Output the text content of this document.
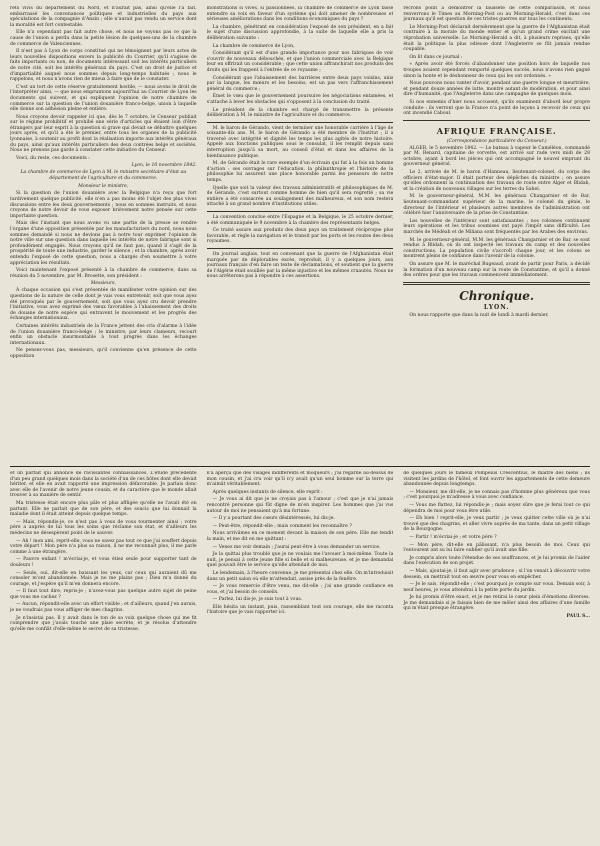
rêts vivis du département du Nord, et n'aurait pas, ainsi qu'elle l'a fait, embarrassé les convenances politiques et industrielles du pays aux spéculations de la compagnie d'Anzin ; elle n'aurait pas rendu un service dont la moralité est fort contestable.

Elle n'a cependant pas fait autre chose, et nous ne voyons pas ce que la cause de l'union a perdu dans la petite lésion de quelques-uns de la chambre de commerce de Valenciennes.

Il n'est pas à Lyon de corps constitué qui ne témoignent par leurs actes de leurs nouvelles dispositions envers la publicité du Courrier, qu'il s'agisse de faits importants ou non, de documents intéressant soit les intérêts particuliers de notre cité, soit les intérêts généraux du pays. C'est un droit de justice et d'impartialité auquel nous sommes depuis long-temps habitués ; nous le rappelons, et nous n'avons rien de mieux à faire que de le constater.

C'est un tort de cette réserve gratuitement hostile, — nous avons le droit de l'interpréter ainsi, — que nous empruntons aujourd'hui au Courrier de Lyon les documents qui suivent, et qui expliquent l'opinion de notre chambre de commerce sur la question de l'union douanière franco-belge, union à laquelle elle donne son adhésion pleine et entière.

Nous croyons devoir rappeler ici que, dès le 7 octobre, le Censeur publiait sur le régime prohibitif et prohibé une série d'articles qui étaient loin d'être étrangers par leur esprit à la question si grave qui devait se débattre quelques jours après, et qu'il a été le premier, entre tous les organes de la publicité lyonnaise, à soutenir au profit dont la réalisation importe aux intérêts généraux du pays, ainsi qu'aux intérêts particuliers des deux contrées belge et sociétés. Nous ne prenons pas garde à constater cette initiative du Censeur.

Voici, du reste, ces documents :

Lyon, le 10 novembre 1842.
La chambre de commerce de Lyon à M. le ministre secrétaire d'état au département de l'agriculture et du commerce.
Monsieur le ministre,

Si la question de l'union douanière avec la Belgique n'a reçu que fort tardivement quelque publicité, elle n'en a pas moins été l'objet des plus vives discussions entre les deux gouvernements ; nous en sommes instruits, et nous croyons de notre devoir de vous exposer brièvement notre pensée sur cette importante question.

Mais dès l'instant que nous avons vu une partie de la presse se rendre l'organe d'une opposition présentée par les manufacturiers du nord, nous nous sommes demandé si nous ne devions pas à notre tour exprimer l'opinion de notre ville sur une question dans laquelle les intérêts de notre fabrique sont si profondément engagés. Nous croyons qu'il ne faut pas, quand il s'agit de la prospérité de toute une industrie, garder le silence ; et la chambre, après avoir entendu l'exposé de cette question, nous a chargés d'en soumettre à votre appréciation les résultats.

Voici maintenant l'exposé présenté à la chambre de commerce, dans sa réunion du 5 novembre, par M. Brosette, son président :

Messieurs,

À chaque occasion qui s'est présentée de manifester votre opinion sur des questions de la nature de celle dont je vais vous entretenir, soit que vous ayez été provoqués par le gouvernement, soit que vous ayez cru devoir prendre l'initiative, vous avez exprimé des vœux favorables à l'abaissement des droits de douane de notre espèce qui entravent le mouvement et les progrès des échanges internationaux.

Certaines intérêts industriels de la France jettent des cris d'alarme à l'idée de l'union douanière franco-belge ; le ministre, par leurs clameurs, recourt enfin un obstacle insurmontable à tout progrès dans les échanges internationaux.

Ne pensez-vous pas, messieurs, qu'il convienne qu'en présence de cette opposition

monstrations si vives, si passionnées, la chambre de commerce de Lyon fasse entendre sa voix en faveur d'un système qui doit amener de nombreuses et sérieuses améliorations dans les conditions économiques du pays ?

La chambre, pénétrant en considération l'exposé de son président, en a fait le sujet d'une discussion approfondie, à la suite de laquelle elle a pris la délibération suivante :

La chambre de commerce de Lyon,

Considérant qu'il est d'une grande importance pour nos fabriques de voir s'ouvrir de nouveaux débouchés, et que l'union commerciale avec la Belgique leur en offrirait un considérable ; que cette union affranchirait nos produits des droits qui les frappent à l'entrée de ce royaume ;

Considérant que l'abaissement des barrières entre deux pays voisins, unis par la langue, les mœurs et les besoins, est un pas vers l'affranchissement général du commerce ;

Émet le vœu que le gouvernement poursuive les négociations entamées, et s'attache à lever les obstacles qui s'opposent à la conclusion du traité.

Le président de la chambre est chargé de transmettre la présente délibération à M. le ministre de l'agriculture et du commerce.

M. le baron de Gérando, vient de terminer une honorable carrière à l'âge de soixante-dix ans. M. le baron de Gérando a été membre de l'Institut ; il a traversé avec intégrité et dignité les temps les plus agités de notre histoire. Appelé aux fonctions publiques sous le consulat, il les remplit depuis sans interruption jusqu'à sa mort, au conseil d'état et dans les affaires de la bienfaisance publique.

M. de Gérando était le rare exemple d'un écrivain qui fut à la fois un homme d'action : ses ouvrages sur l'éducation, la philanthropie et l'histoire de la philosophie lui assurent une place honorable parmi les penseurs de notre temps.

Quelle que soit la valeur des travaux administratifs et philosophiques de M. de Gérando, c'est surtout comme homme de bien qu'il sera regretté ; sa vie entière a été consacrée au soulagement des malheureux, et son nom restera attaché à un grand nombre d'institutions utiles.

La convention conclue entre l'Espagne et la Belgique, le 25 octobre dernier, a été communiquée le 9 novembre à la chambre des représentants belges.

Ce traité assure aux produits des deux pays un traitement réciproque plus favorable, et règle la navigation et le transit par les ports et les routes des deux royaumes.

On journal anglais, tout en convenant que la guerre de l'Afghanistan était marquée par de déplorables excès, reproduit, il y a quelques jours, aux journaux français d'en faire un texte de déclamations, et soutient que la guerre de l'Algérie était souillée par la même injustice et les mêmes cruautés. Nous ne nous arrêterons pas à répondre à ces assertions.

récrons point à démontrer la fausseté de cette comparaison, et nous renverrons le Times au Morning-Post ou au Morning-Herald, c'est dans ces journaux qu'il est question de ces tristes guerres sur tous les continents.

Le Morning-Post déclarait dernièrement que la guerre de l'Afghanistan était contraire à la morale du monde entier et qu'un grand crime excitait une réprobation universelle. Le Morning-Herald a dit, à plusieurs reprises, qu'elle était la politique la plus odieuse dont l'Angleterre se fût jamais rendue coupable.

On lit dans ce journal :

« Après avoir été forcés d'abandonner une position hors de laquelle nos troupes avaient cependant remporté quelques succès, nous n'avons rien gagné sinon la honte et le déshonneur de ceux qui les ont ordonnés. »

Nous pouvons nous vanter d'avoir, pendant une guerre longue et meurtrière, et pendant douze années de lutte, montré autant de modération, et pour ainsi dire d'humanité, que l'Angleterre dans une campagne de quelques mois.

Si nos ennemis d'hier nous accusent, qu'ils examinent d'abord leur propre conduite : ils verront que la France n'a point de leçons à recevoir de ceux qui ont incendié Caboul.

AFRIQUE FRANÇAISE.
(Correspondance particulière du Censeur.)

ALGER, le 5 novembre 1842. — Le bateau à vapeur le Caméléon, commandé par M. Renard, capitaine de corvette, est arrivé sur rade vers midi de 28 octobre, ayant à bord les pièces qui ont accompagné le nouvel emprunt du gouverneur général.

Le 2, arrivée de M. le baron d'Hanneau, lieutenant-colonel, du corps des officiers d'état-major. Il était porteur des dépêches du ministre ; on assure qu'elles ordonnent la continuation des travaux de route entre Alger et Blidah, et la création de nouveaux villages sur les terres du Sahel.

M. le gouverneur-général, M.M. les généraux Changarnier et de Bar, lieutenant-commandant supérieur de la marine, le colonel du génie, le directeur de l'intérieur et plusieurs autres membres de l'administration ont célébré hier l'anniversaire de la prise de Constantine.

Les nouvelles de l'intérieur sont satisfaisantes ; nos colonnes continuent leurs opérations et les tribus soumises ont payé l'impôt sans difficulté. Les marchés de Médéah et de Miliana sont fréquentés par les Arabes des environs.

M. le gouverneur-général, M.M. les généraux Changarnier et de Bar, se sont rendus à Blidah, où ils ont inspecté les travaux du camp et des nouvelles constructions. La population civile s'accroît chaque jour, et les colons se montrent pleins de confiance dans l'avenir de la colonie.

On assure que M. le maréchal Bugeaud, avant de partir pour Paris, a décidé la formation d'un nouveau camp sur la route de Constantine, et qu'il a donné des ordres pour que les travaux commencent immédiatement.

Chronique.
LYON.

On nous rapporte que dans la nuit de lundi à mardi dernier,

et un parfait qui annonce de ravissantes connaissances. L'étude précédente d'un peu grand quelques mois dans la société d'un de ces hôtes dont elle devait hériter, et elle en avait rapporté une impression défavorable. Je parlais donc avec elle de l'avenir de notre jeune cousin, et du caractère que le monde allait trouver à sa manière de sentir.

Ma tristesse était encore plus pâle et plus affligée qu'elle ne l'avait été en partant. Elle ne parlait que de son père, et des soucis que lui donnait la maladie dont il était atteint depuis quelque temps.

— Mais, répondis-je, ce n'est pas à vous de vous tourmenter ainsi ; votre père a auprès de lui tous les soins que réclame son état, et d'ailleurs les médecins ne désespèrent point de le sauver.

— Ah ! mon ami, reprit-elle, vous ne savez pas tout ce que j'ai souffert depuis votre départ ! Mon père n'a plus sa raison, il ne me reconnaît plus, il me parle comme à une étrangère.

— Pauvre enfant ! m'écriai-je, et vous étiez seule pour supporter tant de douleurs !

— Seule, oui, dit-elle en baissant les yeux, car ceux qui auraient dû me consoler m'ont abandonnée. Mais je ne me plains pas ; Dieu m'a donné du courage, et j'espère qu'il m'en donnera encore.

— Il faut tout dire, repris-je ; n'avez-vous pas quelque autre sujet de peine que vous me cachez ?

— Aucun, répondit-elle avec un effort visible ; et d'ailleurs, quand j'en aurais, je ne voudrais pas vous affliger de mes chagrins.

Je n'insistai pas. Il y avait dans le ton de sa voix quelque chose qui me fit comprendre que j'avais touché une plaie secrète, et je résolus d'attendre qu'elle me confiât d'elle-même le secret de sa tristesse.

n'a aperçu que des visages indifférents et moqueurs ; j'ai regardé au-dessus de mon cousin, et j'ai cru voir qu'il n'y avait qu'un seul homme sur la terre qui m'aimât véritablement.

Après quelques instants de silence, elle reprit :

— Je vous ai dit que je ne croyais pas à l'amour ; c'est que je n'ai jamais rencontré personne qui fût digne de m'en inspirer. Les hommes que j'ai vus autour de moi ne pensaient qu'à ma fortune.

— Il y a pourtant des cœurs désintéressés, lui dis-je.

— Peut-être, répondit-elle ; mais comment les reconnaître ?

Nous arrivâmes en ce moment devant la maison de son père. Elle me tendit la main, et me dit en me quittant :

— Venez me voir demain ; j'aurai peut-être à vous demander un service.

Je la quittai plus troublé que je ne voulais me l'avouer à moi-même. Toute la nuit, je pensai à cette jeune fille si belle et si malheureuse, et je me demandai quel pouvait être le service qu'elle attendait de moi.

Le lendemain, à l'heure convenue, je me présentai chez elle. On m'introduisit dans un petit salon où elle m'attendait, assise près de la fenêtre.

— Je vous remercie d'être venu, me dit-elle ; j'ai une grande confiance en vous, et j'ai besoin de conseils.

— Parlez, lui dis-je, je suis tout à vous.

Elle hésita un instant, puis, rassemblant tout son courage, elle me raconta l'histoire que je vais rapporter ici.

de quelques jours le fameux Pompeius Crescentius, le maître des biens ; ils visitent les jardins de l'hôtel, et font ouvrir les appartements de cette demeure abandonnée depuis longtemps.

— Monsieur, me dit-elle, je ne connais pas d'homme plus généreux que vous ; c'est pourquoi je m'adresse à vous avec confiance.

— Vous me flattez, lui répondis-je ; mais soyez sûre que je ferai tout ce qui dépendra de moi pour vous être utile.

— Eh bien ! reprit-elle, je veux partir ; je veux quitter cette ville où je n'ai trouvé que des chagrins, et aller vivre auprès de ma tante, dans un petit village de la Bourgogne.

— Partir ! m'écriai-je ; et votre père ?

— Mon père, dit-elle en pâlissant, n'a plus besoin de moi. Ceux qui l'entourent ont su lui faire oublier qu'il avait une fille.

Je compris alors toute l'étendue de ses souffrances, et je lui promis de l'aider dans l'exécution de son projet.

— Mais, ajoutai-je, il faut agir avec prudence ; si l'on venait à découvrir votre dessein, on mettrait tout en œuvre pour vous en empêcher.

— Je le sais, répondit-elle ; c'est pourquoi je compte sur vous. Demain soir, à neuf heures, je vous attendrai à la petite porte du jardin.

Je lui promis d'être exact, et je me retirai le cœur plein d'émotions diverses. Je me demandais si je faisais bien de me mêler ainsi des affaires d'une famille qui m'était presque étrangère.

PAUL S...
